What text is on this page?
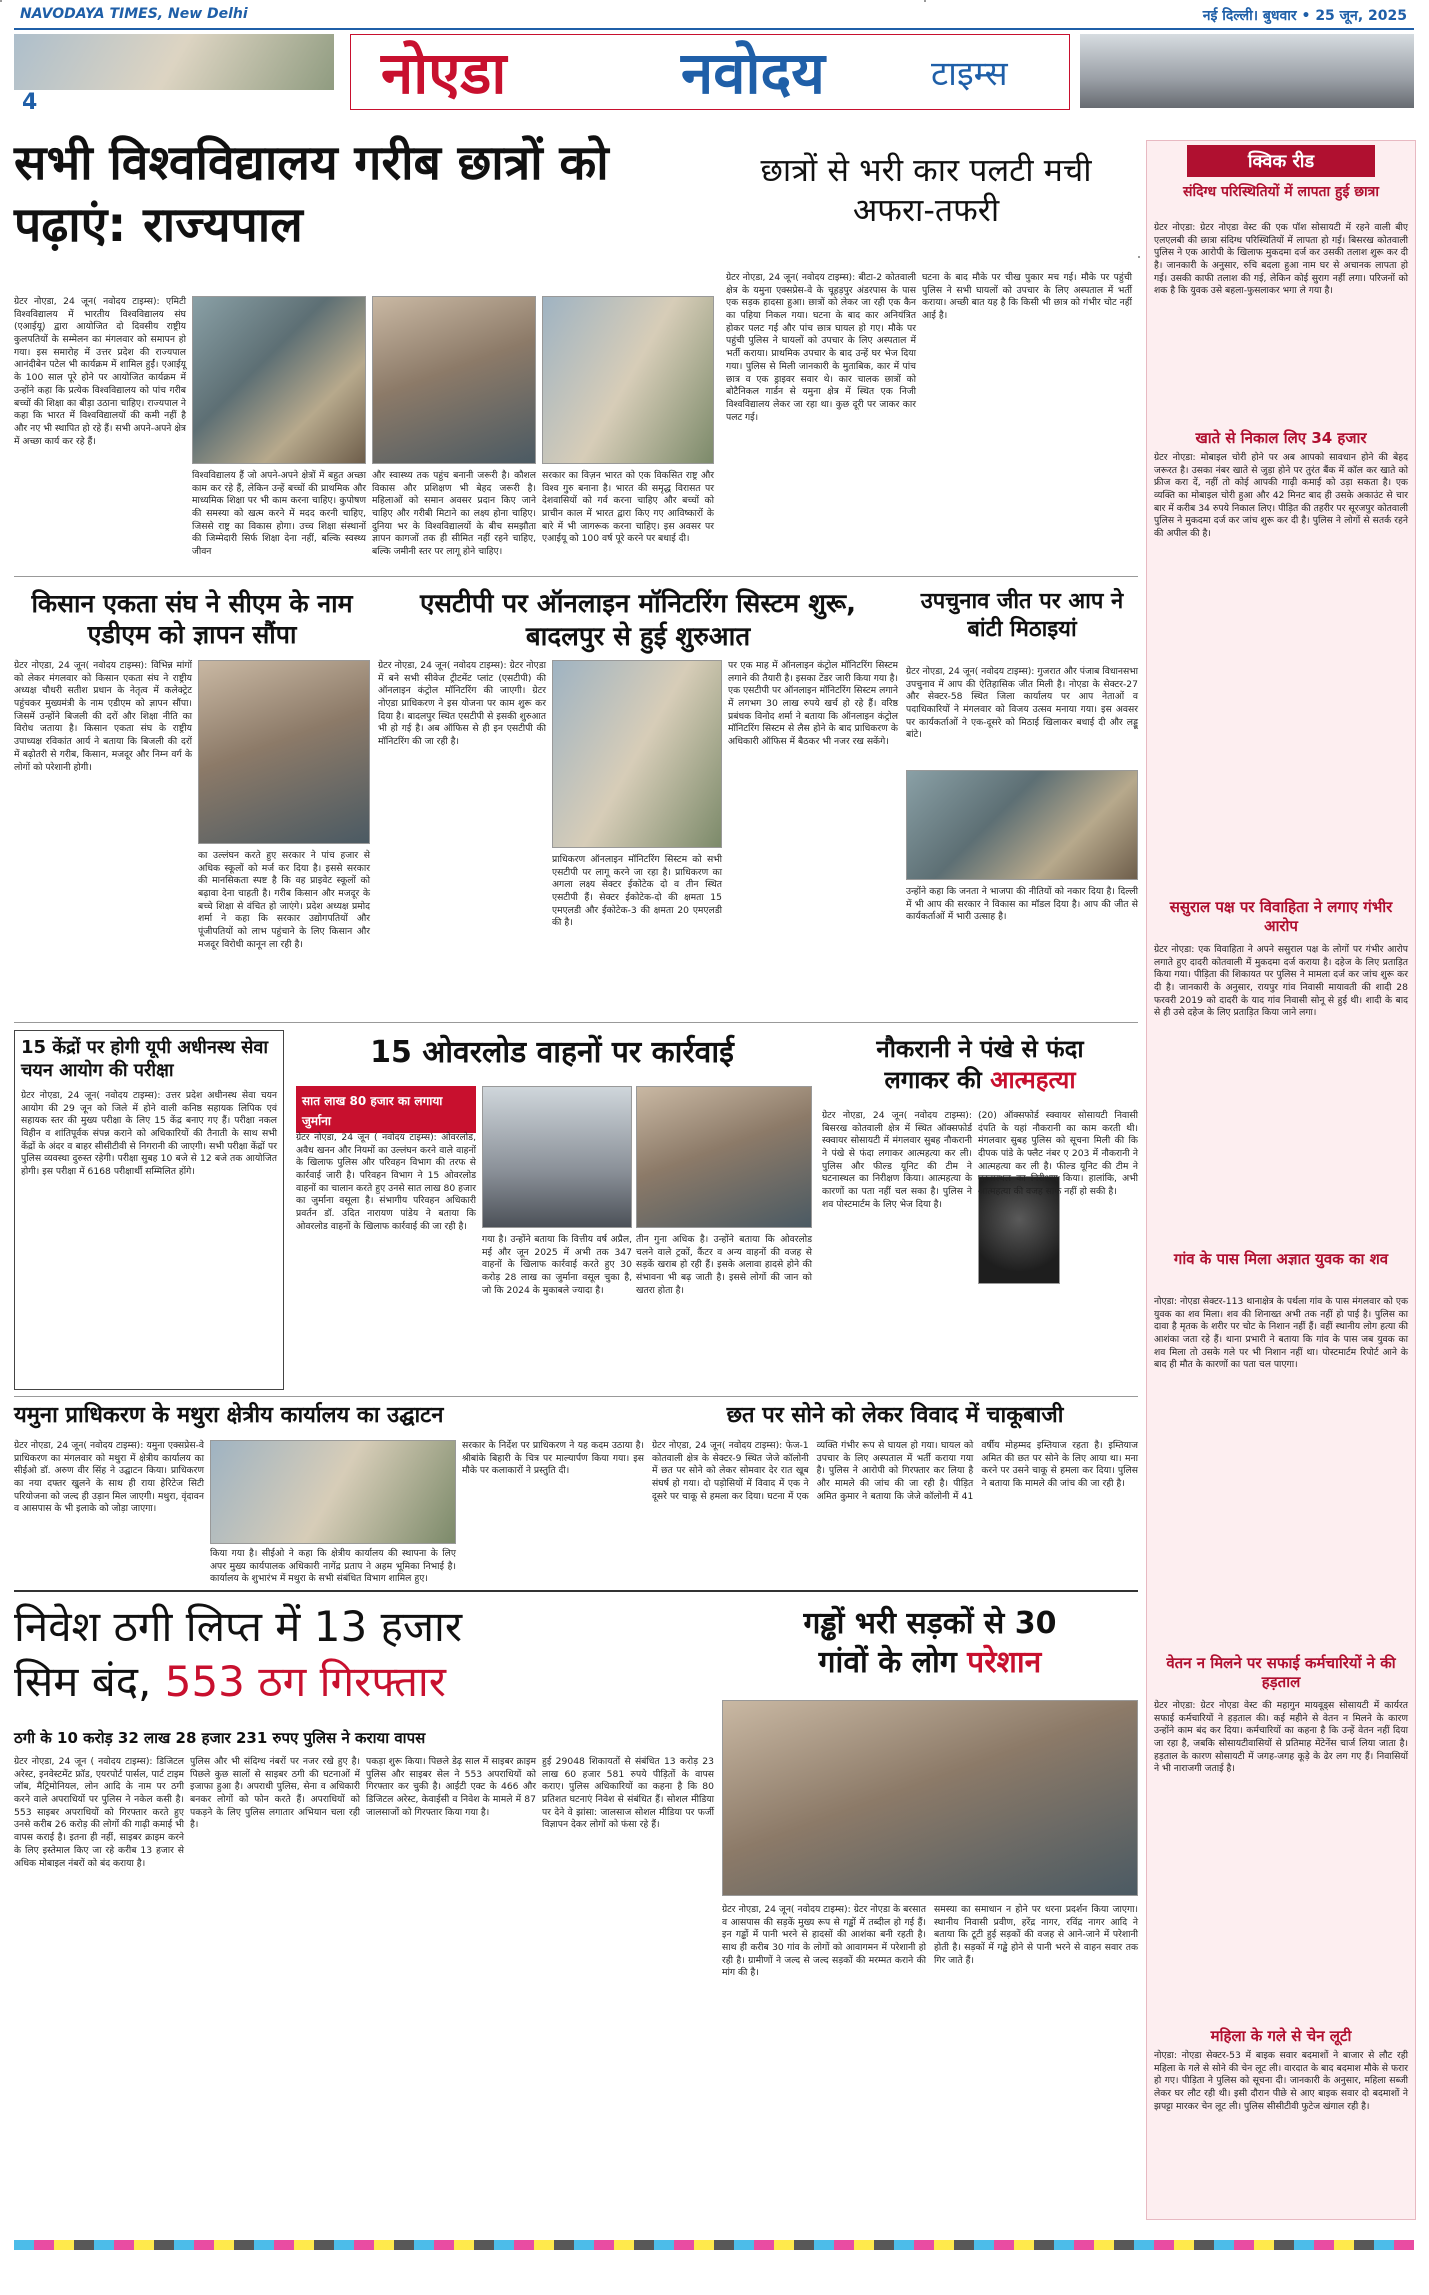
NAVODAYA TIMES, New Delhi	नई दिल्ली। बुधवार • 25 जून, 2025
4	नोएडा	नवोदय	टाइम्स
सभी विश्वविद्यालय गरीब छात्रों को पढ़ाएं: राज्यपाल
ग्रेटर नोएडा, 24 जून( नवोदय टाइम्स): एमिटी विश्वविद्यालय में भारतीय विश्वविद्यालय संघ (एआईयू) द्वारा आयोजित दो दिवसीय राष्ट्रीय कुलपतियों के सम्मेलन का मंगलवार को समापन हो गया। इस समारोह में उत्तर प्रदेश की राज्यपाल आनंदीबेन पटेल भी कार्यक्रम में शामिल हुईं। एआईयू के 100 साल पूरे होने पर आयोजित कार्यक्रम में उन्होंने कहा कि प्रत्येक विश्वविद्यालय को पांच गरीब बच्चों की शिक्षा का बीड़ा उठाना चाहिए। राज्यपाल ने कहा कि भारत में विश्वविद्यालयों की कमी नहीं है और नए भी स्थापित हो रहे हैं। सभी अपने-अपने क्षेत्र में अच्छा कार्य कर रहे हैं।
विश्वविद्यालय हैं जो अपने-अपने क्षेत्रों में बहुत अच्छा काम कर रहे हैं, लेकिन उन्हें बच्चों की प्राथमिक और माध्यमिक शिक्षा पर भी काम करना चाहिए। कुपोषण की समस्या को खत्म करने में मदद करनी चाहिए, जिससे राष्ट्र का विकास होगा। उच्च शिक्षा संस्थानों की जिम्मेदारी सिर्फ शिक्षा देना नहीं, बल्कि स्वस्थ्य जीवन
और स्वास्थ्य तक पहुंच बनानी जरूरी है। कौशल विकास और प्रशिक्षण भी बेहद जरूरी है। महिलाओं को समान अवसर प्रदान किए जाने चाहिए और गरीबी मिटाने का लक्ष्य होना चाहिए। दुनिया भर के विश्वविद्यालयों के बीच समझौता ज्ञापन कागजों तक ही सीमित नहीं रहने चाहिए, बल्कि जमीनी स्तर पर लागू होने चाहिए।
सरकार का विज़न भारत को एक विकसित राष्ट्र और विश्व गुरु बनाना है। भारत की समृद्ध विरासत पर देशवासियों को गर्व करना चाहिए और बच्चों को प्राचीन काल में भारत द्वारा किए गए आविष्कारों के बारे में भी जागरूक करना चाहिए। इस अवसर पर एआईयू को 100 वर्ष पूरे करने पर बधाई दी।
छात्रों से भरी कार पलटी मची अफरा-तफरी
ग्रेटर नोएडा, 24 जून( नवोदय टाइम्स): बीटा-2 कोतवाली क्षेत्र के यमुना एक्सप्रेस-वे के चूहड़पुर अंडरपास के पास एक सड़क हादसा हुआ। छात्रों को लेकर जा रही एक कैन का पहिया निकल गया। घटना के बाद कार अनियंत्रित होकर पलट गई और पांच छात्र घायल हो गए। मौके पर पहुंची पुलिस ने घायलों को उपचार के लिए अस्पताल में भर्ती कराया। प्राथमिक उपचार के बाद उन्हें घर भेज दिया गया। पुलिस से मिली जानकारी के मुताबिक, कार में पांच छात्र व एक ड्राइवर सवार थे। कार चालक छात्रों को बोटैनिकल गार्डन से यमुना क्षेत्र में स्थित एक निजी विश्वविद्यालय लेकर जा रहा था। कुछ दूरी पर जाकर कार पलट गई।
घटना के बाद मौके पर चीख पुकार मच गई। मौके पर पहुंची पुलिस ने सभी घायलों को उपचार के लिए अस्पताल में भर्ती कराया। अच्छी बात यह है कि किसी भी छात्र को गंभीर चोट नहीं आई है।
क्विक रीड
संदिग्ध परिस्थितियों में लापता हुई छात्रा
ग्रेटर नोएडा: ग्रेटर नोएडा वेस्ट की एक पॉश सोसायटी में रहने वाली बीए एलएलबी की छात्रा संदिग्ध परिस्थितियों में लापता हो गई। बिसरख कोतवाली पुलिस ने एक आरोपी के खिलाफ मुकदमा दर्ज कर उसकी तलाश शुरू कर दी है। जानकारी के अनुसार, रुचि बदला हुआ नाम घर से अचानक लापता हो गई। उसकी काफी तलाश की गई, लेकिन कोई सुराग नहीं लगा। परिजनों को शक है कि युवक उसे बहला-फुसलाकर भगा ले गया है।
खाते से निकाल लिए 34 हजार
ग्रेटर नोएडा: मोबाइल चोरी होने पर अब आपको सावधान होने की बेहद जरूरत है। उसका नंबर खाते से जुड़ा होने पर तुरंत बैंक में कॉल कर खाते को फ्रीज करा दें, नहीं तो कोई आपकी गाढ़ी कमाई को उड़ा सकता है। एक व्यक्ति का मोबाइल चोरी हुआ और 42 मिनट बाद ही उसके अकाउंट से चार बार में करीब 34 रुपये निकाल लिए। पीड़ित की तहरीर पर सूरजपुर कोतवाली पुलिस ने मुकदमा दर्ज कर जांच शुरू कर दी है। पुलिस ने लोगों से सतर्क रहने की अपील की है।
ससुराल पक्ष पर विवाहिता ने लगाए गंभीर आरोप
ग्रेटर नोएडा: एक विवाहिता ने अपने ससुराल पक्ष के लोगों पर गंभीर आरोप लगाते हुए दादरी कोतवाली में मुकदमा दर्ज कराया है। दहेज के लिए प्रताड़ित किया गया। पीड़िता की शिकायत पर पुलिस ने मामला दर्ज कर जांच शुरू कर दी है। जानकारी के अनुसार, रायपुर गांव निवासी मायावती की शादी 28 फरवरी 2019 को दादरी के याद गांव निवासी सोनू से हुई थी। शादी के बाद से ही उसे दहेज के लिए प्रताड़ित किया जाने लगा।
गांव के पास मिला अज्ञात युवक का शव
नोएडा: नोएडा सेक्टर-113 थानाक्षेत्र के पर्थला गांव के पास मंगलवार को एक युवक का शव मिला। शव की शिनाख्त अभी तक नहीं हो पाई है। पुलिस का दावा है मृतक के शरीर पर चोट के निशान नहीं हैं। वहीं स्थानीय लोग हत्या की आशंका जता रहे हैं। थाना प्रभारी ने बताया कि गांव के पास जब युवक का शव मिला तो उसके गले पर भी निशान नहीं था। पोस्टमार्टम रिपोर्ट आने के बाद ही मौत के कारणों का पता चल पाएगा।
वेतन न मिलने पर सफाई कर्मचारियों ने की हड़ताल
ग्रेटर नोएडा: ग्रेटर नोएडा वेस्ट की महागुन मायवूड्स सोसायटी में कार्यरत सफाई कर्मचारियों ने हड़ताल की। कई महीने से वेतन न मिलने के कारण उन्होंने काम बंद कर दिया। कर्मचारियों का कहना है कि उन्हें वेतन नहीं दिया जा रहा है, जबकि सोसायटीवासियों से प्रतिमाह मेंटेनेंस चार्ज लिया जाता है। हड़ताल के कारण सोसायटी में जगह-जगह कूड़े के ढेर लग गए हैं। निवासियों ने भी नाराजगी जताई है।
महिला के गले से चेन लूटी
नोएडा: नोएडा सेक्टर-53 में बाइक सवार बदमाशों ने बाजार से लौट रही महिला के गले से सोने की चेन लूट ली। वारदात के बाद बदमाश मौके से फरार हो गए। पीड़िता ने पुलिस को सूचना दी। जानकारी के अनुसार, महिला सब्जी लेकर घर लौट रही थी। इसी दौरान पीछे से आए बाइक सवार दो बदमाशों ने झपट्टा मारकर चेन लूट ली। पुलिस सीसीटीवी फुटेज खंगाल रही है।
किसान एकता संघ ने सीएम के नाम एडीएम को ज्ञापन सौंपा
ग्रेटर नोएडा, 24 जून( नवोदय टाइम्स): विभिन्न मांगों को लेकर मंगलवार को किसान एकता संघ ने राष्ट्रीय अध्यक्ष चौधरी सतीश प्रधान के नेतृत्व में कलेक्ट्रेट पहुंचकर मुख्यमंत्री के नाम एडीएम को ज्ञापन सौंपा। जिसमें उन्होंने बिजली की दरों और शिक्षा नीति का विरोध जताया है। किसान एकता संघ के राष्ट्रीय उपाध्यक्ष रविकांत आर्य ने बताया कि बिजली की दरों में बढ़ोतरी से गरीब, किसान, मजदूर और निम्न वर्ग के लोगों को परेशानी होगी।
का उल्लंघन करते हुए सरकार ने पांच हजार से अधिक स्कूलों को मर्ज कर दिया है। इससे सरकार की मानसिकता स्पष्ट है कि वह प्राइवेट स्कूलों को बढ़ावा देना चाहती है। गरीब किसान और मजदूर के बच्चे शिक्षा से वंचित हो जाएंगे। प्रदेश अध्यक्ष प्रमोद शर्मा ने कहा कि सरकार उद्योगपतियों और पूंजीपतियों को लाभ पहुंचाने के लिए किसान और मजदूर विरोधी कानून ला रही है।
एसटीपी पर ऑनलाइन मॉनिटरिंग सिस्टम शुरू, बादलपुर से हुई शुरुआत
ग्रेटर नोएडा, 24 जून( नवोदय टाइम्स): ग्रेटर नोएडा में बने सभी सीवेज ट्रीटमेंट प्लांट (एसटीपी) की ऑनलाइन कंट्रोल मॉनिटरिंग की जाएगी। ग्रेटर नोएडा प्राधिकरण ने इस योजना पर काम शुरू कर दिया है। बादलपुर स्थित एसटीपी से इसकी शुरुआत भी हो गई है। अब ऑफिस से ही इन एसटीपी की मॉनिटरिंग की जा रही है।
प्राधिकरण ऑनलाइन मॉनिटरिंग सिस्टम को सभी एसटीपी पर लागू करने जा रहा है। प्राधिकरण का अगला लक्ष्य सेक्टर ईकोटेक दो व तीन स्थित एसटीपी हैं। सेक्टर ईकोटेक-दो की क्षमता 15 एमएलडी और ईकोटेक-3 की क्षमता 20 एमएलडी की है।
पर एक माह में ऑनलाइन कंट्रोल मॉनिटरिंग सिस्टम लगाने की तैयारी है। इसका टेंडर जारी किया गया है। एक एसटीपी पर ऑनलाइन मॉनिटरिंग सिस्टम लगाने में लगभग 30 लाख रुपये खर्च हो रहे हैं। वरिष्ठ प्रबंधक विनोद शर्मा ने बताया कि ऑनलाइन कंट्रोल मॉनिटरिंग सिस्टम से लैस होने के बाद प्राधिकरण के अधिकारी ऑफिस में बैठकर भी नजर रख सकेंगे।
उपचुनाव जीत पर आप ने बांटी मिठाइयां
ग्रेटर नोएडा, 24 जून( नवोदय टाइम्स): गुजरात और पंजाब विधानसभा उपचुनाव में आप की ऐतिहासिक जीत मिली है। नोएडा के सेक्टर-27 और सेक्टर-58 स्थित जिला कार्यालय पर आप नेताओं व पदाधिकारियों ने मंगलवार को विजय उत्सव मनाया गया। इस अवसर पर कार्यकर्ताओं ने एक-दूसरे को मिठाई खिलाकर बधाई दी और लड्डू बांटे।
उन्होंने कहा कि जनता ने भाजपा की नीतियों को नकार दिया है। दिल्ली में भी आप की सरकार ने विकास का मॉडल दिया है। आप की जीत से कार्यकर्ताओं में भारी उत्साह है।
15 केंद्रों पर होगी यूपी अधीनस्थ सेवा चयन आयोग की परीक्षा
ग्रेटर नोएडा, 24 जून( नवोदय टाइम्स): उत्तर प्रदेश अधीनस्थ सेवा चयन आयोग की 29 जून को जिले में होने वाली कनिष्ठ सहायक लिपिक एवं सहायक स्तर की मुख्य परीक्षा के लिए 15 केंद्र बनाए गए हैं। परीक्षा नकल विहीन व शांतिपूर्वक संपन्न कराने को अधिकारियों की तैनाती के साथ सभी केंद्रों के अंदर व बाहर सीसीटीवी से निगरानी की जाएगी। सभी परीक्षा केंद्रों पर पुलिस व्यवस्था दुरुस्त रहेगी। परीक्षा सुबह 10 बजे से 12 बजे तक आयोजित होगी। इस परीक्षा में 6168 परीक्षार्थी सम्मिलित होंगे।
15 ओवरलोड वाहनों पर कार्रवाई
सात लाख 80 हजार का लगाया जुर्माना
ग्रेटर नोएडा, 24 जून ( नवोदय टाइम्स): ओवरलोड, अवैध खनन और नियमों का उल्लंघन करने वाले वाहनों के खिलाफ पुलिस और परिवहन विभाग की तरफ से कार्रवाई जारी है। परिवहन विभाग ने 15 ओवरलोड वाहनों का चालान करते हुए उनसे सात लाख 80 हजार का जुर्माना वसूला है। संभागीय परिवहन अधिकारी प्रवर्तन डॉ. उदित नारायण पांडेय ने बताया कि ओवरलोड वाहनों के खिलाफ कार्रवाई की जा रही है।
गया है। उन्होंने बताया कि वित्तीय वर्ष अप्रैल, मई और जून 2025 में अभी तक 347 वाहनों के खिलाफ कार्रवाई करते हुए 30 करोड़ 28 लाख का जुर्माना वसूल चुका है, जो कि 2024 के मुकाबले ज्यादा है।
तीन गुना अधिक है। उन्होंने बताया कि ओवरलोड चलने वाले ट्रकों, कैंटर व अन्य वाहनों की वजह से सड़कें खराब हो रही हैं। इसके अलावा हादसे होने की संभावना भी बढ़ जाती है। इससे लोगों की जान को खतरा होता है।
नौकरानी ने पंखे से फंदा
लगाकर की आत्महत्या
ग्रेटर नोएडा, 24 जून( नवोदय टाइम्स): बिसरख कोतवाली क्षेत्र में स्थित ऑक्सफोर्ड स्क्वायर सोसायटी में मंगलवार सुबह नौकरानी ने पंखे से फंदा लगाकर आत्महत्या कर ली। पुलिस और फील्ड यूनिट की टीम ने घटनास्थल का निरीक्षण किया। आत्महत्या के कारणों का पता नहीं चल सका है। पुलिस ने शव पोस्टमार्टम के लिए भेज दिया है।
(20) ऑक्सफोर्ड स्क्वायर सोसायटी निवासी दंपति के यहां नौकरानी का काम करती थी। मंगलवार सुबह पुलिस को सूचना मिली की कि दीपक पांडे के फ्लैट नंबर ए 203 में नौकरानी ने आत्महत्या कर ली है। फील्ड यूनिट की टीम ने घटनास्थल का निरीक्षण किया। हालांकि, अभी आत्महत्या की वजह साफ नहीं हो सकी है।
यमुना प्राधिकरण के मथुरा क्षेत्रीय कार्यालय का उद्घाटन
ग्रेटर नोएडा, 24 जून( नवोदय टाइम्स): यमुना एक्सप्रेस-वे प्राधिकरण का मंगलवार को मथुरा में क्षेत्रीय कार्यालय का सीईओ डॉ. अरुण वीर सिंह ने उद्घाटन किया। प्राधिकरण का नया दफ्तर खुलने के साथ ही राया हेरिटेज सिटी परियोजना को जल्द ही उड़ान मिल जाएगी। मथुरा, वृंदावन व आसपास के भी इलाके को जोड़ा जाएगा।
किया गया है। सीईओ ने कहा कि क्षेत्रीय कार्यालय की स्थापना के लिए अपर मुख्य कार्यपालक अधिकारी नागेंद्र प्रताप ने अहम भूमिका निभाई है। कार्यालय के शुभारंभ में मथुरा के सभी संबंधित विभाग शामिल हुए।
सरकार के निर्देश पर प्राधिकरण ने यह कदम उठाया है। श्रीबांके बिहारी के चित्र पर माल्यार्पण किया गया। इस मौके पर कलाकारों ने प्रस्तुति दी।
छत पर सोने को लेकर विवाद में चाकूबाजी
ग्रेटर नोएडा, 24 जून( नवोदय टाइम्स): फेज-1 कोतवाली क्षेत्र के सेक्टर-9 स्थित जेजे कॉलोनी में छत पर सोने को लेकर सोमवार देर रात खूब संघर्ष हो गया। दो पड़ोसियों में विवाद में एक ने दूसरे पर चाकू से हमला कर दिया। घटना में एक व्यक्ति गंभीर रूप से घायल हो गया। घायल को उपचार के लिए अस्पताल में भर्ती कराया गया है। पुलिस ने आरोपी को गिरफ्तार कर लिया है और मामले की जांच की जा रही है। पीड़ित अमित कुमार ने बताया कि जेजे कॉलोनी में 41 वर्षीय मोहम्मद इम्तियाज रहता है। इम्तियाज अमित की छत पर सोने के लिए आया था। मना करने पर उसने चाकू से हमला कर दिया। पुलिस ने बताया कि मामले की जांच की जा रही है।
निवेश ठगी लिप्त में 13 हजार
सिम बंद, 553 ठग गिरफ्तार
ठगी के 10 करोड़ 32 लाख 28 हजार 231 रुपए पुलिस ने कराया वापस
ग्रेटर नोएडा, 24 जून ( नवोदय टाइम्स): डिजिटल अरेस्ट, इनवेस्टमेंट फ्रॉड, एयरपोर्ट पार्सल, पार्ट टाइम जॉब, मैट्रिमोनियल, लोन आदि के नाम पर ठगी करने वाले अपराधियों पर पुलिस ने नकेल कसी है। 553 साइबर अपराधियों को गिरफ्तार करते हुए उनसे करीब 26 करोड़ की लोगों की गाढ़ी कमाई भी वापस कराई है। इतना ही नहीं, साइबर क्राइम करने के लिए इस्तेमाल किए जा रहे करीब 13 हजार से अधिक मोबाइल नंबरों को बंद कराया है।
पुलिस और भी संदिग्ध नंबरों पर नजर रखे हुए है। पिछले कुछ सालों से साइबर ठगी की घटनाओं में इजाफा हुआ है। अपराधी पुलिस, सेना व अधिकारी बनकर लोगों को फोन करते हैं। अपराधियों को पकड़ने के लिए पुलिस लगातार अभियान चला रही है।
पकड़ा शुरू किया। पिछले डेढ़ साल में साइबर क्राइम पुलिस और साइबर सेल ने 553 अपराधियों को गिरफ्तार कर चुकी है। आईटी एक्ट के 466 और डिजिटल अरेस्ट, केवाईसी व निवेश के मामले में 87 जालसाजों को गिरफ्तार किया गया है।
हुई 29048 शिकायतों से संबंधित 13 करोड़ 23 लाख 60 हजार 581 रुपये पीड़ितों के वापस कराए। पुलिस अधिकारियों का कहना है कि 80 प्रतिशत घटनाएं निवेश से संबंधित हैं। सोशल मीडिया पर देने वे झांसा: जालसाज सोशल मीडिया पर फर्जी विज्ञापन देकर लोगों को फंसा रहे हैं।
गड्ढों भरी सड़कों से 30
गांवों के लोग परेशान
ग्रेटर नोएडा, 24 जून( नवोदय टाइम्स): ग्रेटर नोएडा के बरसात व आसपास की सड़कें मुख्य रूप से गड्ढों में तब्दील हो गई हैं। इन गड्ढों में पानी भरने से हादसों की आशंका बनी रहती है। साथ ही करीब 30 गांव के लोगों को आवागमन में परेशानी हो रही है। ग्रामीणों ने जल्द से जल्द सड़कों की मरम्मत कराने की मांग की है।
समस्या का समाधान न होने पर धरना प्रदर्शन किया जाएगा। स्थानीय निवासी प्रवीण, हरेंद्र नागर, रविंद्र नागर आदि ने बताया कि टूटी हुई सड़कों की वजह से आने-जाने में परेशानी होती है। सड़कों में गड्ढे होने से पानी भरने से वाहन सवार तक गिर जाते हैं।
